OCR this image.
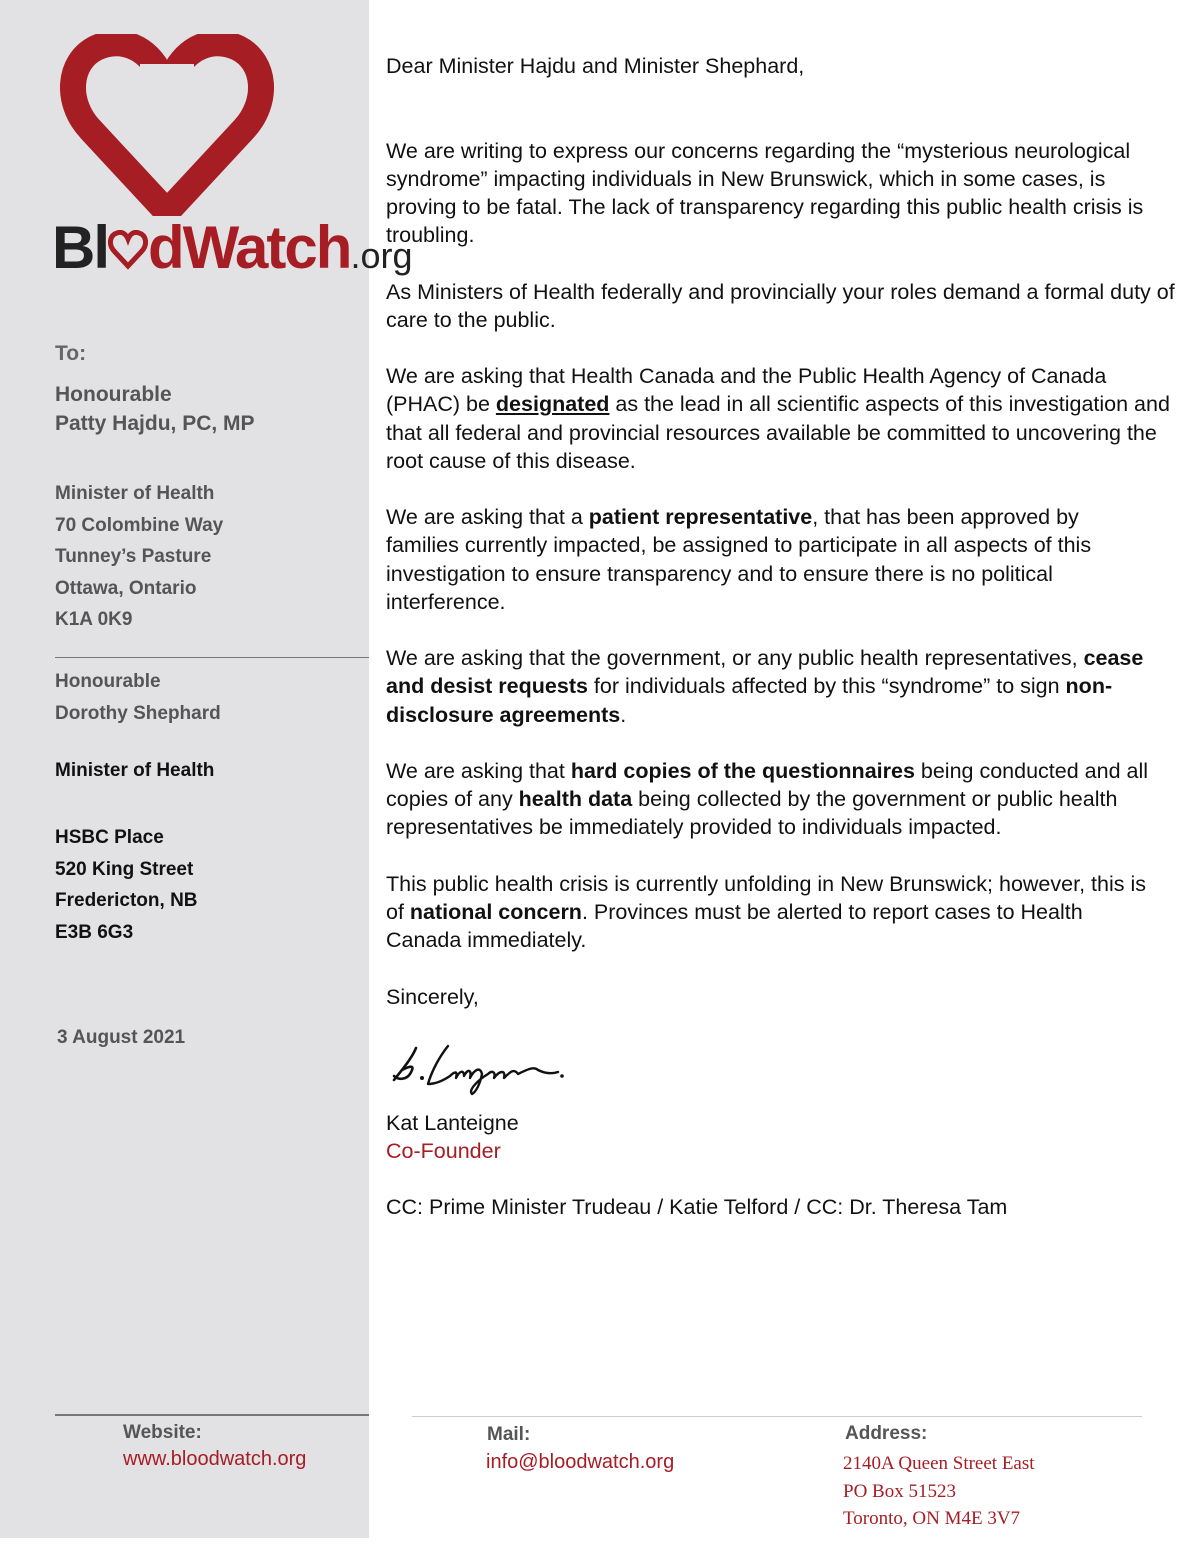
Bl dWatch.org
To:
Honourable
Patty Hajdu, PC, MP
Minister of Health
70 Colombine Way
Tunney’s Pasture
Ottawa, Ontario
K1A 0K9
Honourable
Dorothy Shephard
Minister of Health
HSBC Place
520 King Street
Fredericton, NB
E3B 6G3
3 August 2021

Dear Minister Hajdu and Minister Shephard,

We are writing to express our concerns regarding the “mysterious neurological syndrome” impacting individuals in New Brunswick, which in some cases, is proving to be fatal. The lack of transparency regarding this public health crisis is troubling.

As Ministers of Health federally and provincially your roles demand a formal duty of care to the public.

We are asking that Health Canada and the Public Health Agency of Canada (PHAC) be designated as the lead in all scientific aspects of this investigation and that all federal and provincial resources available be committed to uncovering the root cause of this disease.

We are asking that a patient representative, that has been approved by families currently impacted, be assigned to participate in all aspects of this investigation to ensure transparency and to ensure there is no political interference.

We are asking that the government, or any public health representatives, cease and desist requests for individuals affected by this “syndrome” to sign non-disclosure agreements.

We are asking that hard copies of the questionnaires being conducted and all copies of any health data being collected by the government or public health representatives be immediately provided to individuals impacted.

This public health crisis is currently unfolding in New Brunswick; however, this is of national concern. Provinces must be alerted to report cases to Health Canada immediately.

Sincerely,

Kat Lanteigne

Co-Founder

CC: Prime Minister Trudeau / Katie Telford / CC: Dr. Theresa Tam

Website:
www.bloodwatch.org
Mail:
info@bloodwatch.org
Address:
2140A Queen Street East
PO Box 51523
Toronto, ON M4E 3V7
